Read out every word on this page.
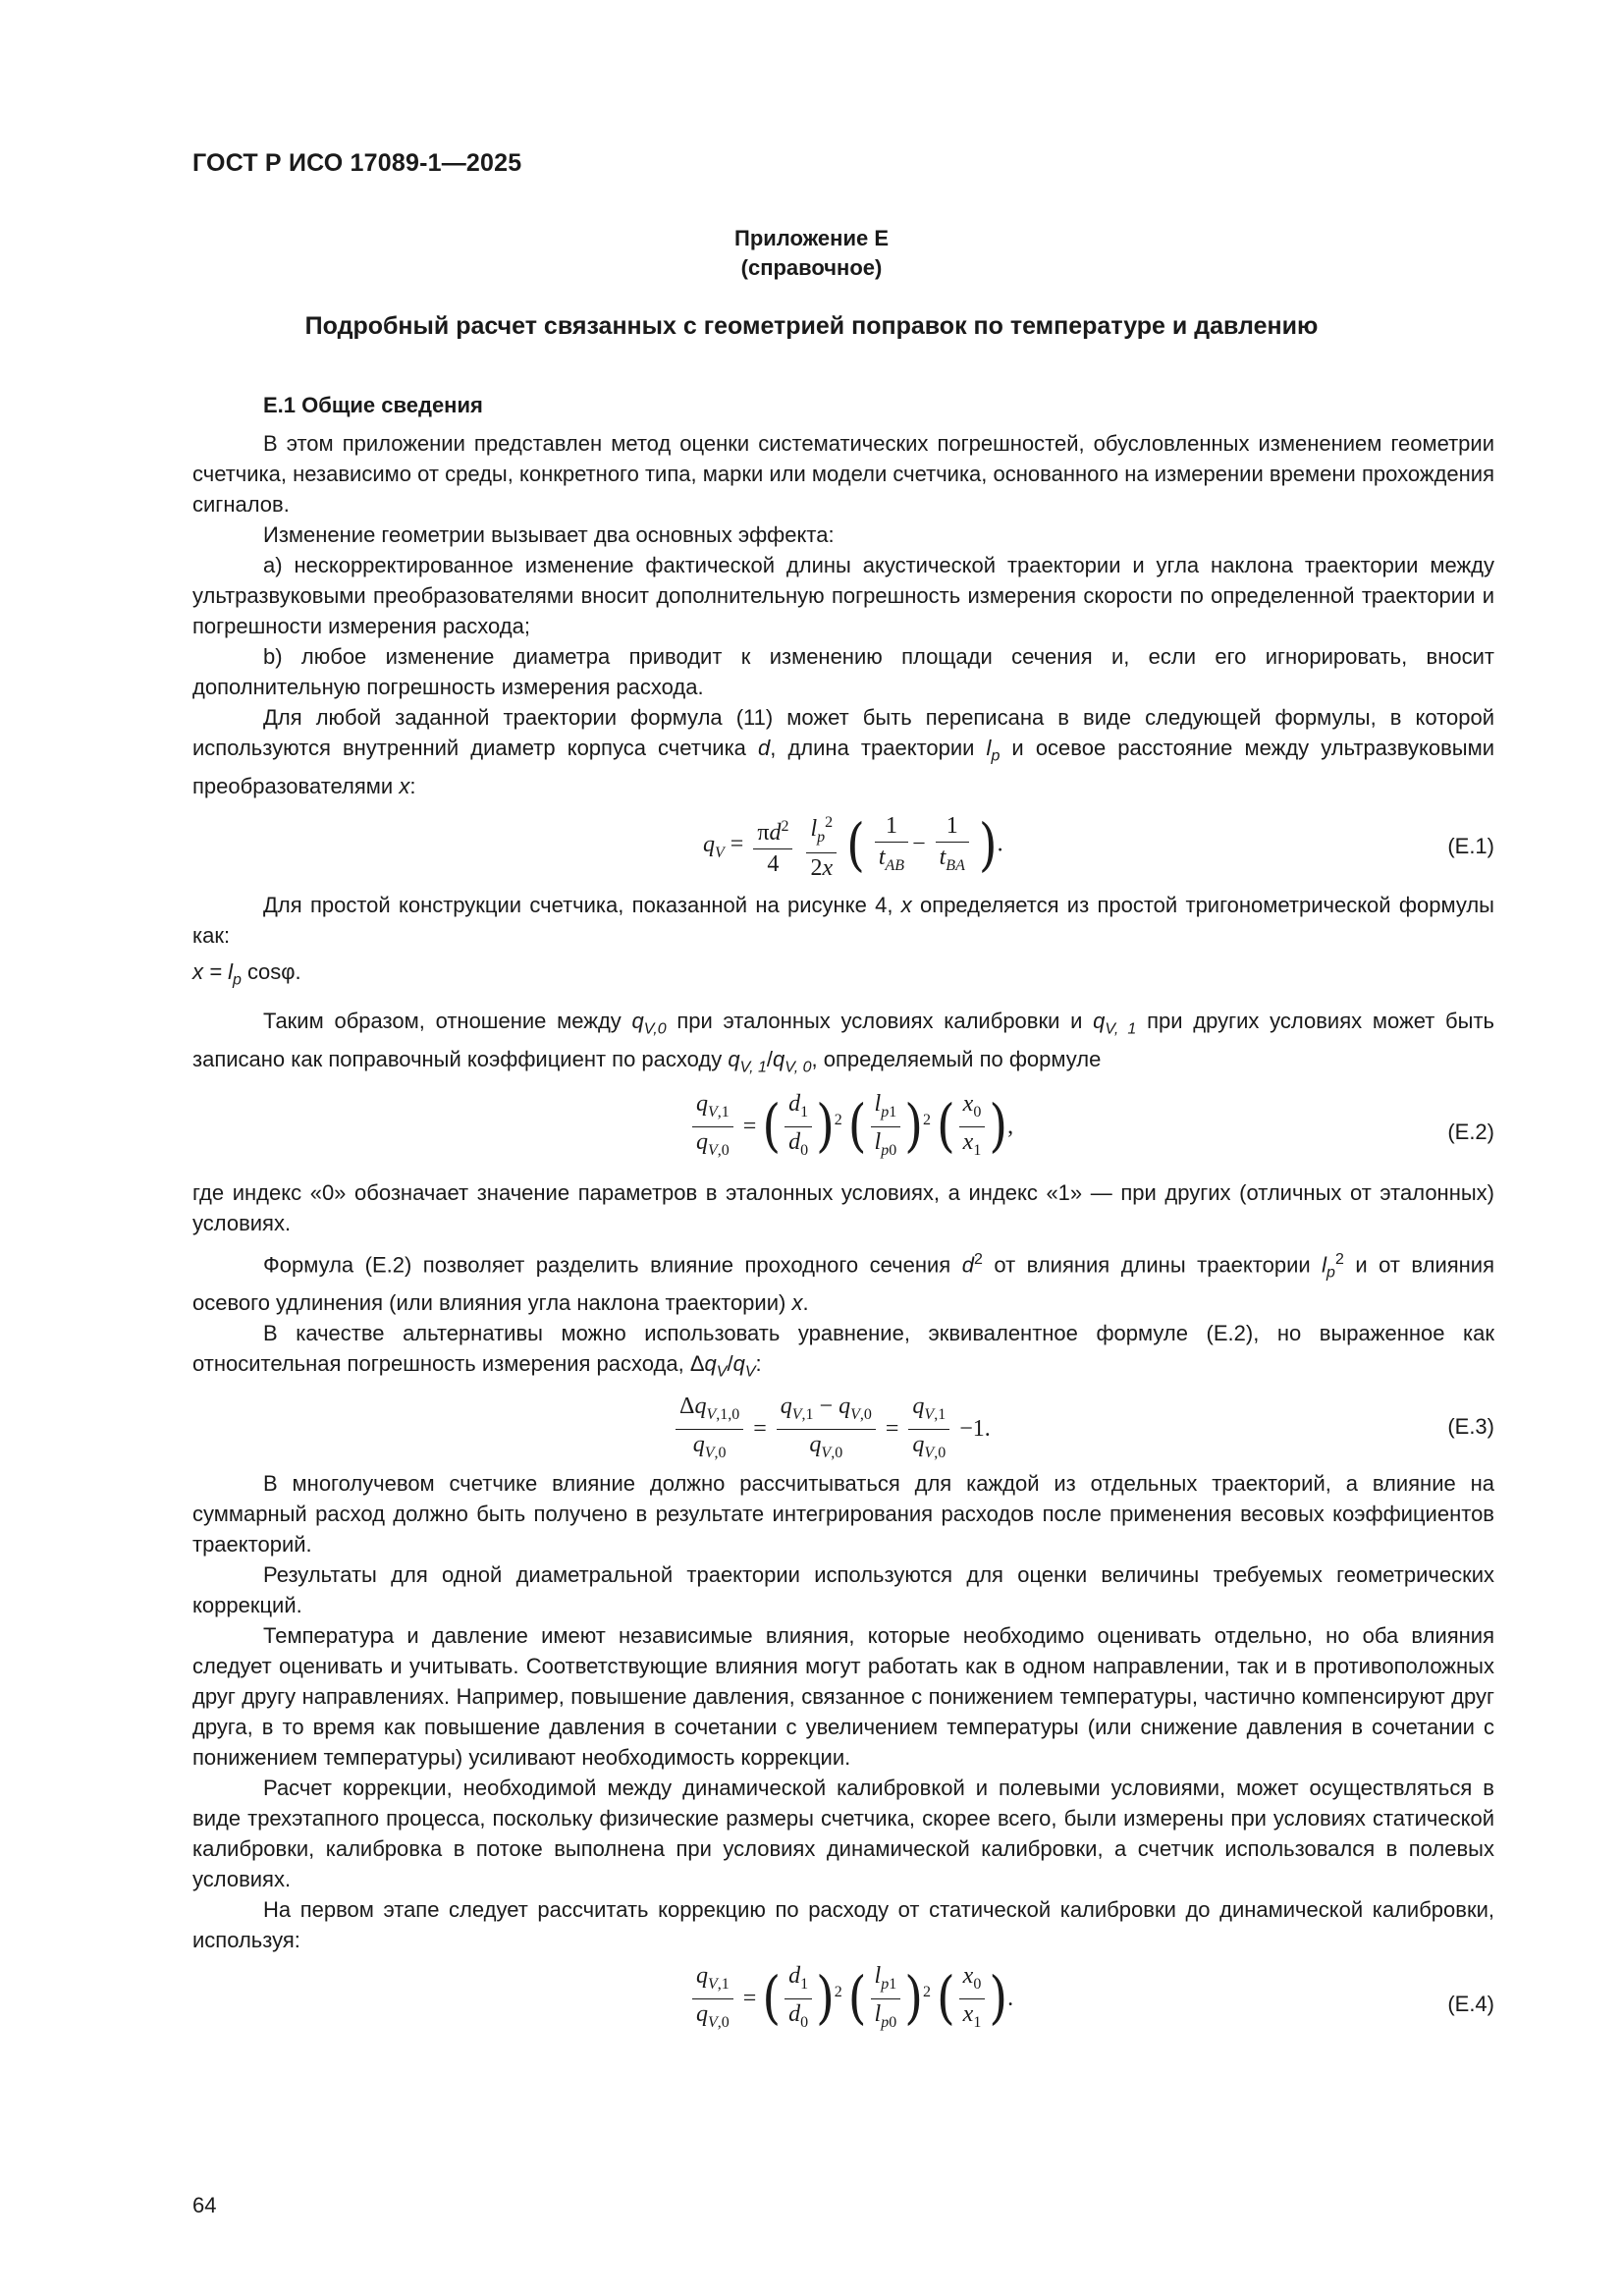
ГОСТ Р ИСО 17089-1—2025
Приложение Е
(справочное)
Подробный расчет связанных с геометрией поправок по температуре и давлению
Е.1 Общие сведения

В этом приложении представлен метод оценки систематических погрешностей, обусловленных изменением геометрии счетчика, независимо от среды, конкретного типа, марки или модели счетчика, основанного на измерении времени прохождения сигналов.

Изменение геометрии вызывает два основных эффекта:

a) нескорректированное изменение фактической длины акустической траектории и угла наклона траектории между ультразвуковыми преобразователями вносит дополнительную погрешность измерения скорости по определенной траектории и погрешности измерения расхода;

b) любое изменение диаметра приводит к изменению площади сечения и, если его игнорировать, вносит дополнительную погрешность измерения расхода.

Для любой заданной траектории формула (11) может быть переписана в виде следующей формулы, в которой используются внутренний диаметр корпуса счетчика d, длина траектории $l_p$ и осевое расстояние между ультразвуковыми преобразователями x:

$q_V = \frac{\pi d^2}{4}$
$\frac{l_p^2}{2x}$ ( $\frac{1}{t_{AB}} - \frac{1}{t_{BA}}$ ).	(Е.1)

Для простой конструкции счетчика, показанной на рисунке 4, x определяется из простой тригонометрической формулы как:

$x = l_p$ cosφ.

Таким образом, отношение между $q_{V,0}$ при эталонных условиях калибровки и $q_{V, 1}$ при других условиях может быть записано как поправочный коэффициент по расходу $q_{V, 1}/q_{V, 0}$, определяемый по формуле

$\frac{q_{V,1}}{q_{V,0}}$ = ( $\frac{d_1}{d_0} )^2$ ( $\frac{l_{p1}}{l_{p0}} )^2$ ( $\frac{x_0}{x_1}$ ),	(Е.2)

где индекс «0» обозначает значение параметров в эталонных условиях, а индекс «1» — при других (отличных от эталонных) условиях.

Формула (Е.2) позволяет разделить влияние проходного сечения $d^2$ от влияния длины траектории $l_p^2$ и от влияния осевого удлинения (или влияния угла наклона траектории) x.

В качестве альтернативы можно использовать уравнение, эквивалентное формуле (Е.2), но выраженное как относительная погрешность измерения расхода, $\Delta q_V/q_V$:

$\frac{\Delta q_{V,1,0}}{q_{V,0}} = \frac{q_{V,1} - q_{V,0}}{q_{V,0}} = \frac{q_{V,1}}{q_{V,0}} -1$.	(Е.3)

В многолучевом счетчике влияние должно рассчитываться для каждой из отдельных траекторий, а влияние на суммарный расход должно быть получено в результате интегрирования расходов после применения весовых коэффициентов траекторий.

Результаты для одной диаметральной траектории используются для оценки величины требуемых геометрических коррекций.

Температура и давление имеют независимые влияния, которые необходимо оценивать отдельно, но оба влияния следует оценивать и учитывать. Соответствующие влияния могут работать как в одном направлении, так и в противоположных друг другу направлениях. Например, повышение давления, связанное с понижением температуры, частично компенсируют друг друга, в то время как повышение давления в сочетании с увеличением температуры (или снижение давления в сочетании с понижением температуры) усиливают необходимость коррекции.

Расчет коррекции, необходимой между динамической калибровкой и полевыми условиями, может осуществляться в виде трехэтапного процесса, поскольку физические размеры счетчика, скорее всего, были измерены при условиях статической калибровки, калибровка в потоке выполнена при условиях динамической калибровки, а счетчик использовался в полевых условиях.

На первом этапе следует рассчитать коррекцию по расходу от статической калибровки до динамической калибровки, используя:

$\frac{q_{V,1}}{q_{V,0}}$ = ( $\frac{d_1}{d_0} )^2$ ( $\frac{l_{p1}}{l_{p0}} )^2$ ( $\frac{x_0}{x_1}$ ).	(Е.4)
64
